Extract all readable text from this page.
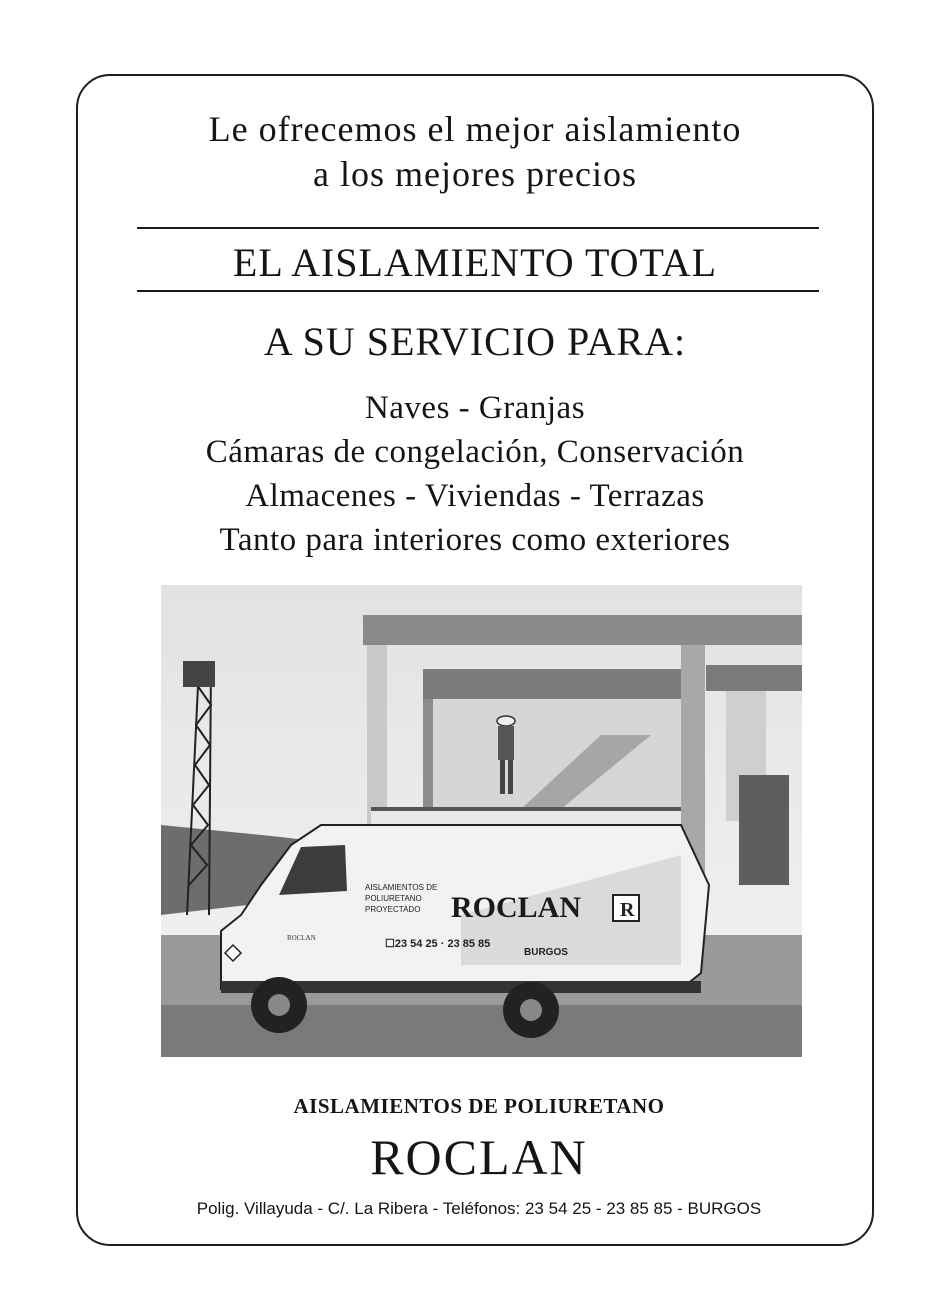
Le ofrecemos el mejor aislamiento
a los mejores precios
EL AISLAMIENTO TOTAL
A SU SERVICIO PARA:
Naves - Granjas
Cámaras de congelación, Conservación
Almacenes - Viviendas - Terrazas
Tanto para interiores como exteriores
AISLAMIENTOS DE
POLIURETANO
PROYECTADO ROCLAN R
☐23 54 25 · 23 85 85
BURGOS
ROCLAN
AISLAMIENTOS DE POLIURETANO
ROCLAN
Polig. Villayuda - C/. La Ribera - Teléfonos: 23 54 25 - 23 85 85 - BURGOS
